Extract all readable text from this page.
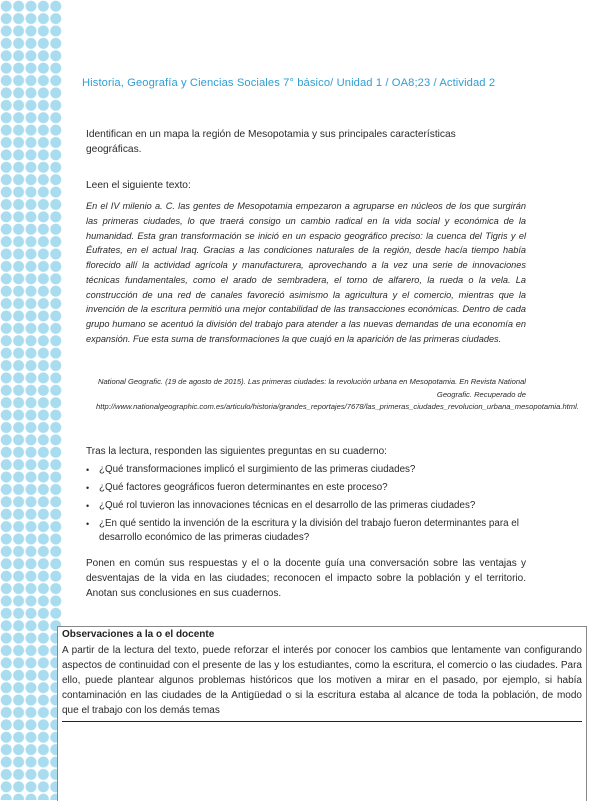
Historia, Geografía y Ciencias Sociales 7° básico/ Unidad 1 / OA8;23 / Actividad 2
Identifican en un mapa la región de Mesopotamia y sus principales características geográficas.
Leen el siguiente texto:
En el IV milenio a. C. las gentes de Mesopotamia empezaron a agruparse en núcleos de los que surgirán las primeras ciudades, lo que traerá consigo un cambio radical en la vida social y económica de la humanidad. Esta gran transformación se inició en un espacio geográfico preciso: la cuenca del Tigris y el Éufrates, en el actual Iraq. Gracias a las condiciones naturales de la región, desde hacía tiempo había florecido allí la actividad agrícola y manufacturera, aprovechando a la vez una serie de innovaciones técnicas fundamentales, como el arado de sembradera, el torno de alfarero, la rueda o la vela. La construcción de una red de canales favoreció asimismo la agricultura y el comercio, mientras que la invención de la escritura permitió una mejor contabilidad de las transacciones económicas. Dentro de cada grupo humano se acentuó la división del trabajo para atender a las nuevas demandas de una economía en expansión. Fue esta suma de transformaciones la que cuajó en la aparición de las primeras ciudades.
National Geografic. (19 de agosto de 2015). Las primeras ciudades: la revolución urbana en Mesopotamia. En Revista National Geografic. Recuperado de http://www.nationalgeographic.com.es/articulo/historia/grandes_reportajes/7678/las_primeras_ciudades_revolucion_urbana_mesopotamia.html.
Tras la lectura, responden las siguientes preguntas en su cuaderno:
• ¿Qué transformaciones implicó el surgimiento de las primeras ciudades?
• ¿Qué factores geográficos fueron determinantes en este proceso?
• ¿Qué rol tuvieron las innovaciones técnicas en el desarrollo de las primeras ciudades?
• ¿En qué sentido la invención de la escritura y la división del trabajo fueron determinantes para el desarrollo económico de las primeras ciudades?
Ponen en común sus respuestas y el o la docente guía una conversación sobre las ventajas y desventajas de la vida en las ciudades; reconocen el impacto sobre la población y el territorio. Anotan sus conclusiones en sus cuadernos.
Observaciones a la o el docente
A partir de la lectura del texto, puede reforzar el interés por conocer los cambios que lentamente van configurando aspectos de continuidad con el presente de las y los estudiantes, como la escritura, el comercio o las ciudades. Para ello, puede plantear algunos problemas históricos que los motiven a mirar en el pasado, por ejemplo, si había contaminación en las ciudades de la Antigüedad o si la escritura estaba al alcance de toda la población, de modo que el trabajo con los demás temas
